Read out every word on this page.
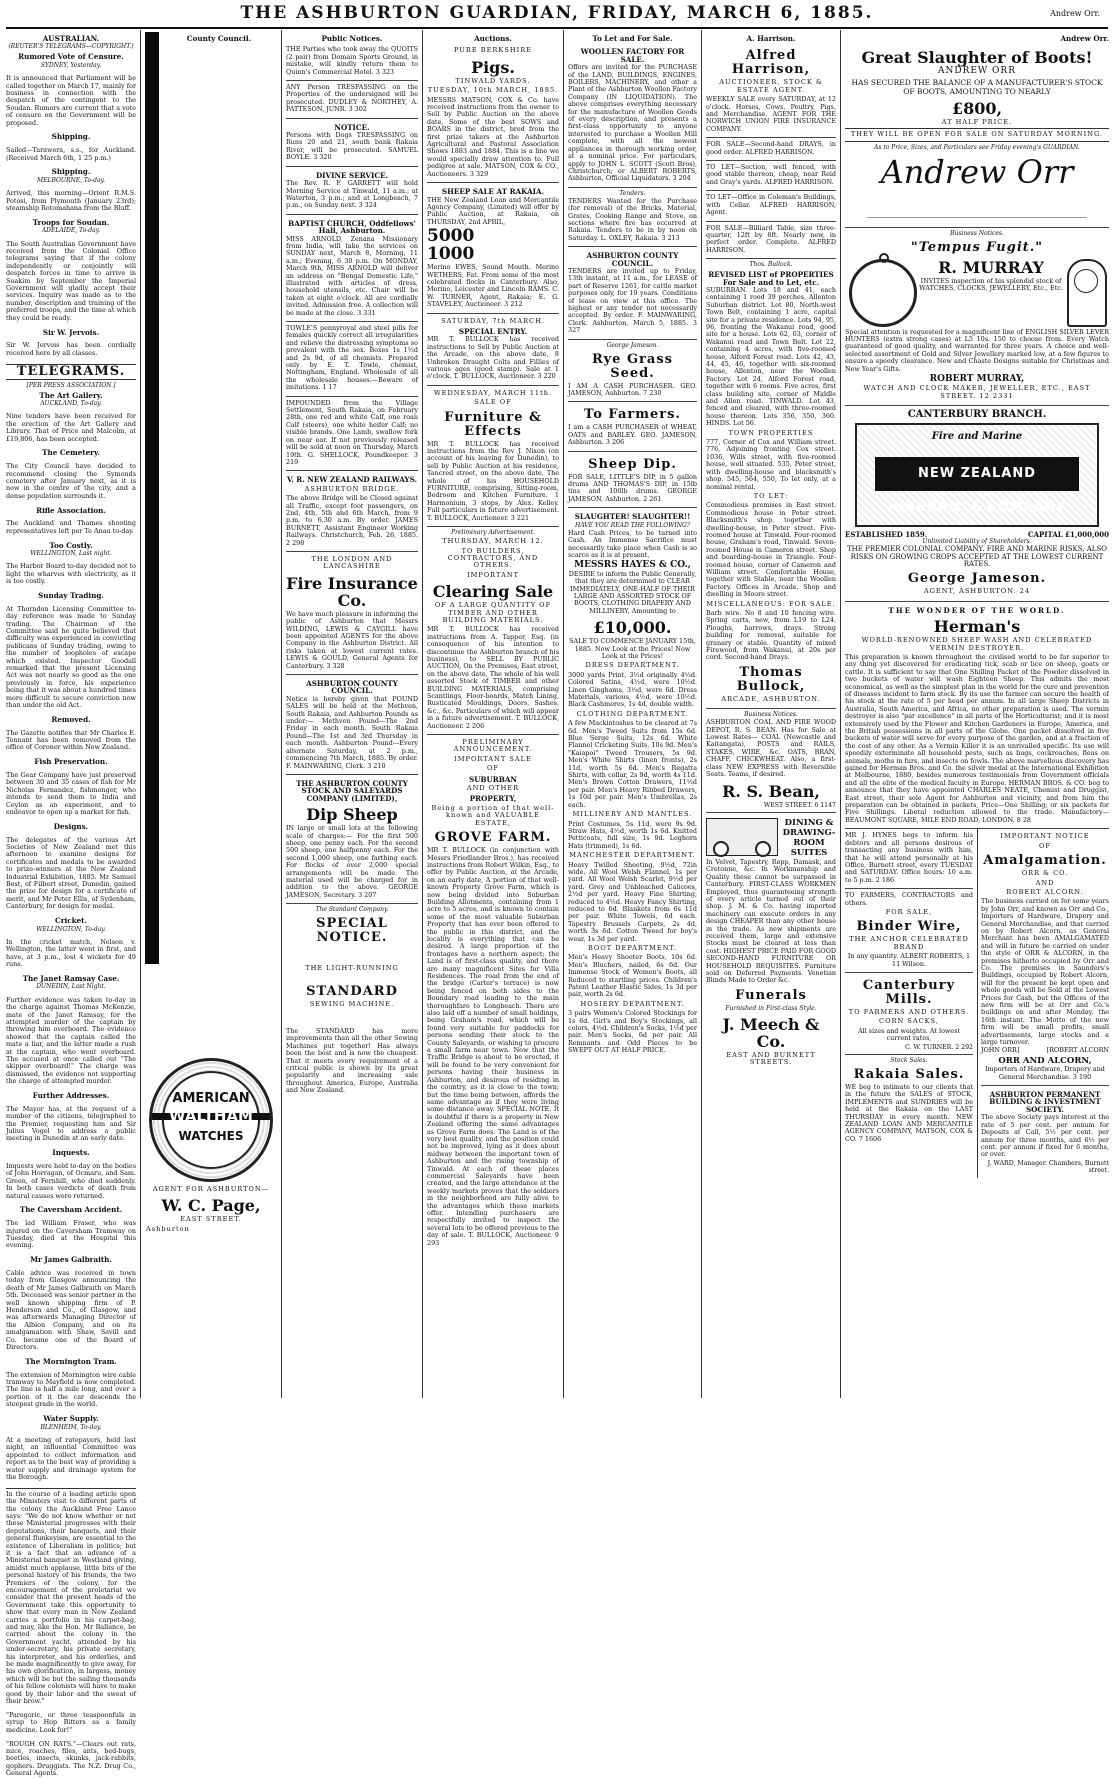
THE ASHBURTON GUARDIAN, FRIDAY, MARCH 6, 1885.	Andrew Orr.
AUSTRALIAN.
(REUTER'S TELEGRAMS—COPYRIGHT.)
Rumored Vote of Censure.
SYDNEY, Yesterday.

It is announced that Parliament will be called together on March 17, mainly for business in connection with the despatch of the contingent to the Soudan. Rumors are current that a vote of censure on the Government will be proposed.

Shipping.

Sailed—Tarawera, s.s., for Auckland. (Received March 6th, 1 25 p.m.)

Shipping.
MELBOURNE, To-day.

Arrived, this morning—Orient R.M.S. Potosi, from Plymouth (January 23rd); steamship Rotomahana from the Bluff.

Troops for Soudan.
ADELAIDE, To-day.

The South Australian Government have received from the Colonial Office telegrams saying that if the colony independently or conjointly will despatch forces in time to arrive in Suakim by September the Imperial Government will gladly accept their services. Inquiry was made as to the number, description and training of the preferred troops, and the time at which they could be ready.

Sir W. Jervois.

Sir W. Jervois has been cordially received here by all classes.

TELEGRAMS.
[PER PRESS ASSOCIATION.]
The Art Gallery.
AUCKLAND, To-day.

Nine tenders have been received for the erection of the Art Gallery and Library. That of Price and Malcolm, at £19,806, has been accepted.

The Cemetery.

The City Council have decided to recommend closing the Symonds cemetery after January next, as it is now in the centre of the city, and a dense population surrounds it.

Rifle Association.

The Auckland and Thames shooting representatives left per Te Anau to-day.

Too Costly.
WELLINGTON, Last night.

The Harbor Board to-day decided not to light the wharves with electricity, as it is too costly.

Sunday Trading.

At Thorndon Licensing Committee to-day reference was made to Sunday trading. The Chairman of the Committee said he quite believed that difficulty was experienced in convicting publicans of Sunday trading, owing to the number of loopholes of escape which existed. Inspector Goodall remarked that the present Licensing Act was not nearly so good as the one previously in force, his experience being that it was about a hundred times more difficult to secure conviction now than under the old Act.

Removed.

The Gazette notifies that Mr Charles E. Tennant has been removed from the office of Coroner within New Zealand.

Fish Preservation.

The Gear Company have just preserved between 30 and 35 cases of fish for Mr Nicholas Fernandez, fishmonger, who intends to send them to India and Ceylon as an experiment, and to endeavor to open up a market for fish.

Designs.

The delegates of the various Art Societies of New Zealand met this afternoon to examine designs for certificates and medals to be awarded to prize-winners at the New Zealand Industrial Exhibition, 1885. Mr Samuel Best, of Filbert street, Dunedin, gained the prize for design for a certificate of merit, and Mr Peter Ellis, of Sydenham, Canterbury, for design for medal.

Cricket.
WELLINGTON, To-day.

In the cricket match, Nelson v. Wellington, the latter went in first, and have, at 3 p.m., lost 4 wickets for 49 runs.

The Janet Ramsay Case.
DUNEDIN, Last Night.

Further evidence was taken to-day in the charge against Thomas McKenzie, mate of the Janet Ramsay, for the attempted murder of the captain by throwing him overboard. The evidence showed that the captain called the mate a liar, and the latter made a rush at the captain, who went overboard. The accused at once called out "The skipper overboard!" The charge was dismissed, the evidence not supporting the charge of attempted murder.

Further Addresses.

The Mayor has, at the request of a number of the citizens, telegraphed to the Premier, requesting him and Sir Julius Vogel to address a public meeting in Dunedin at an early date.

Inquests.

Inquests were held to-day on the bodies of John Horragan, of Ocmaru, and Sam. Green, of Fernhill, who died suddenly. In both cases verdicts of death from natural causes were returned.

The Caversham Accident.

The lad William Fraser, who was injured on the Caversham Tramway on Tuesday, died at the Hospital this evening.

Mr James Galbraith.

Cable advice was received in town today from Glasgow announcing the death of Mr James Galbraith on March 5th. Deceased was senior partner in the well known shipping firm of P. Henderson and Co., of Glasgow, and was afterwards Managing Director of the Albion Company, and on its amalgamation with Shaw, Savill and Co. became one of the Board of Directors.

The Mornington Tram.

The extension of Mornington wire cable tramway to Mayfield is now completed. The line is half a mile long, and over a portion of it the car descends the steepest grade in the world.

Water Supply.
BLENHEIM, To-day.

At a meeting of ratepayers, held last night, an influential Committee was appointed to collect information and report as to the best way of providing a water supply and drainage system for the Borough.

In the course of a leading article upon the Ministers visit to different parts of the colony the Auckland Free Lance says: "We do not know whether or not these Ministerial progresses with their deputations, their banquets, and their general flunkeyism, are essential to the existence of Liberalism in politics; but it is a fact that an advance of a Ministerial banquet in Westland giving, amidst much applause, little bits of the personal history of his friends, the two Premiers of the colony, for the encouragement of the proletariat we consider that the present heads of the Government take this opportunity to show that every man in New Zealand carries a portfolio in his carpet-bag, and may, like the Hon. Mr Ballance, be carried about the colony in the Government yacht, attended by his under-secretary, his private secretary, his interpreter, and his orderlies, and be made magnificently to give away, for his own glorification, in largess, money which will be but the sailing thousands of his fellow colonists will have to make good by their labor and the sweat of their brow."

"Paregoric, or three teaspoonfuls in syrup to Hop Bitters as a family medicine. Look for!"

"ROUGH ON RATS."—Clears out rats, mice, roaches, flies, ants, bed-bugs, beetles, insects, skunks, jack-rabbits, gophers. Druggists. The N.Z. Drug Co., General Agents.

County Council.
AMERICAN
WALTHAM
WATCHES
AGENT FOR ASHBURTON—
W. C. Page,
EAST STREET.
Ashburton
Public Notices.

THE Parties who took away the QUOITS (2 pair) from Domain Sports Ground, in mistake, will kindly return them to Quinn's Commercial Hotel. 3 323

ANY Person TRESPASSING on the Properties of the undersigned will be prosecuted. DUDLEY & NORTHEY, A. PATTESON, JUNR. 3 302

NOTICE.

Persons with Dogs TRESPASSING on Runs 20 and 21, south bank Rakaia River, will be prosecuted. SAMUEL BOYLE. 3 320

DIVINE SERVICE.

The Rev. R. F. GARRETT will hold Morning Service at Tinwald, 11 a.m.; at Waterton, 3 p.m.; and at Longbeach, 7 p.m., on Sunday next. 3 324

BAPTIST CHURCH, Oddfellows' Hall, Ashburton.

MISS ARNOLD, Zenana Missionary from India, will take the services on SUNDAY next, March 8, Morning, 11 a.m.; Evening, 6 30 p.m. On MONDAY, March 9th, MISS ARNOLD will deliver an address on "Bengal Domestic Life," illustrated with articles of dress, household utensils, etc. Chair will be taken at eight o'clock. All are cordially invited. Admission free. A collection will be made at the close. 3 331

TOWLE'S pennyroyal and steel pills for females quickly correct all irregularities and relieve the distressing symptoms so prevalent with the sex. Boxes 1s 1½d and 2s 9d, of all chemists. Prepared only by E. T. Towle, chemist, Nottingham, England. Wholesale of all the wholesale houses.—Beware of imitations. 1 17

IMPOUNDED from the Village Settlement, South Rakaia, on February 28th, one red and white Calf, one roan Calf (steers), one white heifer Calf; no visible brands. One Lamb, swallow fork on near ear. If not previously released will be sold at noon on Thursday, March 19th. G. SHELLOCK, Poundkeeper. 3 219

V. R. NEW ZEALAND RAILWAYS.
ASHBURTON BRIDGE.

The above Bridge will be Closed against all Traffic, except foot passengers, on 2nd, 4th, 5th and 6th March, from 9 p.m. to 6.30 a.m. By order. JAMES BURNETT, Assistant Engineer Working Railways. Christchurch, Feb. 26, 1885. 2 298

THE LONDON AND LANCASHIRE
Fire Insurance Co.

We have much pleasure in informing the public of Ashburton that Messrs WILDING, LEWIS & CAYGILL have been appointed AGENTS for the above Company in the Ashburton District. All risks taken at lowest current rates. LEWIS & GOULD, General Agents for Canterbury. 3 328

ASHBURTON COUNTY COUNCIL.

Notice is hereby given that POUND SALES will be held at the Methven, South Rakaia, and Ashburton Pounds as under:— Methven Pound—The 2nd Friday in each month. South Rakaia Pound—The 1st and 3rd Thursday in each month. Ashburton Pound—Every alternate Saturday, at 2 p.m., commencing 7th March, 1885. By order. F. MAINWARING, Clerk. 3 210

THE ASHBURTON COUNTY STOCK AND SALEYARDS COMPANY (LIMITED),
Dip Sheep

IN large or small lots at the following scale of charges:— For the first 500 sheep, one penny each. For the second 500 sheep, one halfpenny each. For the second 1,000 sheep, one farthing each. For flocks of over 2,000 special arrangements will be made. The material used will be charged for in addition to the above. GEORGE JAMESON, Secretary. 3 207

The Standard Company.
SPECIAL NOTICE.
THE LIGHT-RUNNING
STANDARD
SEWING MACHINE.

The STANDARD has more improvements than all the other Sewing Machines put together! Has always been the best and is now the cheapest. That it meets every requirement of a critical public is shown by its great popularity and increasing sale throughout America, Europe, Australia and New Zealand.

Auctions.
PURE BERKSHIRE
Pigs.
TINWALD YARDS.
TUESDAY, 10th MARCH, 1885.

MESSRS MATSON, COX & Co. have received instructions from the owner to Sell by Public Auction on the above date, Some of the best SOWS and BOARS in the district, bred from the first prize takers at the Ashburton Agricultural and Pastoral Association Shows 1883 and 1884. This is a line we would specially draw attention to. Full pedigree at sale. MATSON, COX & CO., Auctioneers. 3 329

SHEEP SALE AT RAKAIA.

THE New Zealand Loan and Mercantile Agency Company, (Limited) will offer by Public Auction, at Rakaia, on THURSDAY, 2nd APRIL,

5000
1000

Merino EWES, Sound Mouth. Merino WETHERS, Fat. From some of the most celebrated flocks in Canterbury. Also, Merino, Leicester and Lincoln RAMS. C. W. TURNER, Agent, Rakaia; E. G. STAVELEY, Auctioneer. 3 212

SATURDAY, 7th MARCH.
SPECIAL ENTRY.

MR T. BULLOCK has received instructions to Sell by Public Auction at the Arcade, on the above date, 8 Unbroken Draught Colts and Fillies of various ages (good stamp). Sale at 1 o'clock. T. BULLOCK, Auctioneer. 3 220

WEDNESDAY, MARCH 11th.
SALE OF
Furniture & Effects

MR T. BULLOCK has received instructions from the Rev J. Nixon (on account of his leaving for Dunedin), to sell by Public Auction at his residence, Tancred street, on the above date, The whole of his HOUSEHOLD FURNITURE, comprising, Sitting-room, Bedroom and Kitchen Furniture. 1 Harmonium, 3 stops, by Alex. Kelley. Full particulars in future advertisement. T. BULLOCK, Auctioneer. 3 221

Preliminary Advertisement.
THURSDAY, MARCH 12.
TO BUILDERS, CONTRACTORS, AND OTHERS.
IMPORTANT
Clearing Sale
OF A LARGE QUANTITY OF TIMBER AND OTHER BUILDING MATERIALS.

MR T. BULLOCK has received instructions from A. Tapper, Esq. (in consequence of his intention to discontinue the Ashburton branch of his business), to SELL BY PUBLIC AUCTION, On the Premises, East street, on the above date, The whole of his well assorted Stock of TIMBER and other BUILDING MATERIALS, comprising Scantlings, Floor-boards, Match Lining, Rusticated Mouldings, Doors, Sashes, &c., &c. Particulars of which will appear in a future advertisement. T. BULLOCK, Auctioneer. 2 206

PRELIMINARY ANNOUNCEMENT.
IMPORTANT SALE
OF
SUBURBAN
AND OTHER
PROPERTY,
Being a portion of that well-known and VALUABLE ESTATE,
GROVE FARM.

MR T. BULLOCK (in conjunction with Messrs Friedlander Bros.), has received instructions from Robert Wilkin, Esq., to offer by Public Auction, at the Arcade, on an early date, A portion of that well-known Property Grove Farm, which is now being divided into Suburban Building Allotments, containing from 1 acre to 5 acres, and is known to contain some of the most valuable Suburban Property that has ever been offered to the public in this district, and the locality is everything that can be desired. A large proportion of the frontages have a northern aspect; the Land is of first-class quality, and there are many magnificent Sites for Villa Residences. The road from the end of the bridge (Carter's terrace) is now being fenced on both sides to the Boundary road leading to the main thoroughfare to Longbeach. There are also laid off a number of small holdings, being Graham's road, which will be found very suitable for paddocks for persons sending their stock to the County Saleyards, or wishing to procure a small farm near town. Now that the Traffic Bridge is about to be erected, it will be found to be very convenient for persons having their business in Ashburton, and desirous of residing in the country, as it is close to the town; but the time being between, affords the same advantage as if they were living some distance away. SPECIAL NOTE. It is doubtful if there is a property in New Zealand offering the same advantages as Grove Farm does. The Land is of the very best quality, and the position could not be improved, lying as it does about midway between the important town of Ashburton and the rising township of Tinwald. At each of these places commercial Saleyards have been created, and the large attendance at the weekly markets proves that the soldiers in the neighborhood are fully alive to the advantages which these markets offer. Intending purchasers are respectfully invited to inspect the several lots to be offered previous to the day of sale. T. BULLOCK, Auctioneer. 9 293

To Let and For Sale.
WOOLLEN FACTORY FOR SALE.

Offers are invited for the PURCHASE of the LAND, BUILDINGS, ENGINES, BOILERS, MACHINERY, and other a Plant of the Ashburton Woollen Factory Company (IN LIQUIDATION). The above comprises everything necessary for the manufacture of Woollen Goods of every description, and presents a first-class opportunity to anyone interested to purchase a Woollen Mill complete, with all the newest appliances in thorough working order, at a nominal price. For particulars, apply to JOHN L. SCOTT (Scott Bros), Christchurch; or ALBERT ROBERTS, Ashburton, Official Liquidators. 3 204

Tenders.

TENDERS Wanted for the Purchase (for removal) of the Bricks, Material, Grates, Cooking Range and Stove, on sections where fire has occurred at Rakaia. Tenders to be in by noon on Saturday. L. OXLEY, Rakaia. 3 213

ASHBURTON COUNTY COUNCIL.

TENDERS are invited up to Friday, 13th instant, at 11 a.m., for LEASE of part of Reserve 1261, for cattle market purposes only, for 19 years. Conditions of lease on view at this office. The highest or any tender not necessarily accepted. By order. F. MAINWARING, Clerk. Ashburton, March 5, 1885. 3 327

George Jameson.
Rye Grass Seed.

I AM A CASH PURCHASER. GEO. JAMESON, Ashburton. 7 230

To Farmers.

I am a CASH PURCHASER of WHEAT, OATS and BARLEY. GEO. JAMESON, Ashburton. 3 206

Sheep Dip.

FOR SALE, LITTLE'S DIP, in 5 gallon drums AND THOMAS'S DIP, in 15lb tins and 100lb drums. GEORGE JAMESON, Ashburton. 2 261

SLAUGHTER! SLAUGHTER!!
HAVE YOU READ THE FOLLOWING?

Hard Cash Prices, to be turned into Cash. An Immense Sacrifice must necessarily take place when Cash is so scarce as it is at present,

MESSRS HAYES & CO.,

DESIRE to inform the Public Generally, that they are determined to CLEAR IMMEDIATELY, ONE-HALF OF THEIR LARGE AND ASSORTED STOCK OF BOOTS, CLOTHING DRAPERY AND MILLINERY, Amounting to

£10,000.

SALE TO COMMENCE JANUARY 15th, 1885. Now Look at the Prices! Now Look at the Prices!

DRESS DEPARTMENT.

3000 yards Print, 3½d originally 4½d. Colored Satins, 4½d, were 10½d. Linen Ginghams, 3½d, were 6d. Dress Materials, various, 4½d, were 10½d. Black Cashmeres, 1s 4d, double width.

CLOTHING DEPARTMENT.

A few Mackintoshes to be cleared at 7s 6d. Men's Tweed Suits from 15s 6d. Blue Serge Suits, 12s 6d. White Flannel Cricketing Suits, 10s 9d. Men's "Kaiapoi" Tweed Trousers, 5s 9d. Men's White Shirts (linen fronts), 2s 11d, worth 5s 6d. Men's Regatta Shirts, with collar, 2s 9d, worth 4s 11d. Men's Brown Cotton Drawers, 11½d per pair. Men's Heavy Ribbed Drawers, 1s 10d per pair. Men's Umbrellas, 2s each.

MILLINERY AND MANTLES.

Print Costumes, 5s 11d, were 9s 9d. Straw Hats, 4½d, worth 1s 6d. Knitted Petticoats, full size, 1s 9d. Leghorn Hats (trimmed), 1s 6d.

MANCHESTER DEPARTMENT.

Heavy Twilled Sheeting, 9½d, 72in wide. All Wool Welsh Flannel, 1s per yard. All Wool Welsh Scarlet, 9½d per yard. Grey and Unbleached Calicoes, 2½d per yard. Heavy Fine Shirting, reduced to 4½d. Heavy Fancy Shirting, reduced to 6d. Blankets from 6s 11d per pair. White Towels, 6d each. Tapestry Brussels Carpets, 2s 4d, worth 3s 6d. Cotton Tweed for boy's wear, 1s 3d per yard.

BOOT DEPARTMENT.

Men's Heavy Shooter Boots, 10s 6d. Men's Bluchers, nailed, 6s 6d. Our Immense Stock of Women's Boots, all Reduced to startling prices. Children's Patent Leather Elastic Sides, 1s 3d per pair, worth 2s 6d.

HOSIERY DEPARTMENT.

3 pairs Women's Colored Stockings for 1s 6d. Girl's and Boy's Stockings, all colors, 4½d. Children's Socks, 1½d per pair. Men's Socks, 6d per pair. All Remnants and Odd Pieces to be SWEPT OUT AT HALF PRICE.

A. Harrison.
Alfred Harrison,
AUCTIONEER, STOCK & ESTATE AGENT.

WEEKLY SALE every SATURDAY, at 12 o'clock. Horses, Cows, Poultry, Pigs, and Merchandise. AGENT FOR THE NORWICH UNION FIRE INSURANCE COMPANY.

FOR SALE—Second-hand DRAYS, in good order. ALFRED HARRISON.

TO LET—Section, well fenced, with good stable thereon, cheap, near Reid and Gray's yards. ALFRED HARRISON.

TO LET—Office in Coleman's Buildings, with Cellar. ALFRED HARRISON, Agent.

FOR SALE—Billiard Table, size three-quarter, 12ft by 6ft. Nearly new, in perfect order. Complete. ALFRED HARRISON.

Thos. Bullock.
REVISED LIST of PROPERTIES For Sale and to Let, etc.

SUBURBAN. Lots 18 and 41, each containing 1 rood 39 perches, Allenton Suburban district. Lot 80, North-west Town Belt, containing 1 acre, capital site for a private residence. Lots 94, 95, 96, fronting the Wakanui road, good site for a house. Lots 62, 63, corner of Wakanui road and Town Belt. Lot 22, containing 4 acres, with five-roomed house, Alford Forest road. Lots 42, 43, 44, 45, 46, together with six-roomed house, Allenton, near the Woollen Factory. Lot 24, Alford Forest road, together with 6 rooms. Five acres, first class building site, corner of Middle and Allen road. TINWALD. Lot 43, fenced and cleared, with three-roomed house thereon. Lots 356, 350, 360. HINDS. Lot 56.

TOWN PROPERTIES

777, Corner of Cox and William street. 776, Adjoining fronting Cox street. 1036, Wills street, with five-roomed house, well situated. 535, Peter street, with dwelling-house and blacksmith's shop. 545, 564, 550, To let only, at a nominal rental.

TO LET:

Commodious premises in East street. Commodious house in Peter street. Blacksmith's shop, together with dwelling-house, in Peter street. Five-roomed house at Tinwald. Four-roomed house, Graham's road, Tinwald. Seven-roomed House in Cameron street. Shop and boarding-house in Triangle. Four-roomed house, corner of Cameron and William street. Comfortable House, together with Stable, near the Woollen Factory. Offices in Arcade. Shop and dwelling in Moore street.

MISCELLANEOUS: FOR SALE.

Barb wire. No 8 and 10 fencing wire. Spring carts, new, from L19 to L24. Ploughs, harrows, drays. Strong building for removal, suitable for granary or stable. Quantity of mixed Firewood, from Wakanui, at 20s per cord. Second-hand Drays.

Thomas Bullock,
ARCADE, ASHBURTON.
Business Notices.

ASHBURTON COAL AND FIRE WOOD DEPOT, R. S. BEAN. Has for Sale at Lowest Rates— COAL (Newcastle and Kaitangata), POSTS and RAILS, STAKES, WIRE, &c. OATS, BRAN, CHAFF, CHICKWHEAT. Also, a first-class NEW EXPRESS with Reversible Seats. Teams, if desired.

R. S. Bean,
WEST STREET. 6 1147
DINING & DRAWING-ROOM SUITES

In Velvet, Tapestry, Repp, Damask, and Cretonne, &c. In Workmanship and Quality these cannot be surpassed in Canterbury. FIRST-CLASS WORKMEN Employed, thus guaranteeing strength of every article turned out of their shop. J. M. & Co. having imported machinery can execute orders in any design CHEAPER than any other house in the trade. As new shipments are received them, large and extensive Stocks must be cleared at less than cost. HIGHEST PRICE PAID FOR GOOD SECOND-HAND FURNITURE OR HOUSEHOLD REQUISITES. Furniture sold on Deferred Payments. Venetian Blinds Made to Order &c.

Funerals
Furnished in First-class Style.
J. Meech & Co.
EAST AND BURNETT STREETS.
Andrew Orr.
Great Slaughter of Boots!
ANDREW ORR

HAS SECURED THE BALANCE OF A MANUFACTURER'S STOCK OF BOOTS, AMOUNTING TO NEARLY

£800,
AT HALF PRICE.
THEY WILL BE OPEN FOR SALE ON SATURDAY MORNING.
As to Price, Sizes, and Particulars see Friday evening's GUARDIAN.
Andrew Orr
Business Notices.
"Tempus Fugit."
R. MURRAY

INVITES inspection of his splendid stock of WATCHES, CLOCKS, JEWELLERY, Etc., Etc.

Special attention is requested for a magnificent line of ENGLISH SILVER LEVER HUNTERS (extra strong cases) at L5 10s. 150 to choose from. Every Watch guaranteed of good quality, and warranted for three years. A choice and well-selected assortment of Gold and Silver Jewellery marked low, at a few figures to ensure a speedy clearance. New and Chaste Designs suitable for Christmas and New Year's Gifts.

ROBERT MURRAY,
WATCH AND CLOCK MAKER, JEWELLER, ETC., EAST STREET. 12 2331
CANTERBURY BRANCH.
Fire and Marine
NEW ZEALAND INSURANCE COMPANY
ESTABLISHED 1859.	CAPITAL £1,000,000
Unlimited Liability of Shareholders.

THE PREMIER COLONIAL COMPANY. FIRE AND MARINE RISKS, ALSO RISKS ON GROWING CROPS ACCEPTED AT THE LOWEST CURRENT RATES.

George Jameson.
AGENT, ASHBURTON. 24
THE WONDER OF THE WORLD.
Herman's
WORLD-RENOWNED SHEEP WASH AND CELEBRATED VERMIN DESTROYER.

This preparation is known throughout the civilised world to be far superior to any thing yet discovered for eradicating tick, scab or lice on sheep, goats or cattle. It is sufficient to say that One Shilling Packet of the Powder dissolved in two buckets of water will wash Eighteen Sheep. This admits the most economical, as well as the simplest plan in the world for the cure and prevention of diseases incident to farm stock. By its use the farmer can secure the health of his stock at the rate of 5 per head per annum. In all large Sheep Districts in Australia, South America, and Africa, no other preparation is used. The vermin destroyer is also "par excellence" in all parts of the Horticulturist; and it is most extensively used by the Flower and Kitchen Gardeners in Europe, America, and the British possessions in all parts of the Globe. One packet dissolved in five buckets of water will serve for every purpose of the garden, and at a fraction of the cost of any other. As a Vermin Killer it is an unrivalled specific. Its use will speedily exterminate all household pests, such as bugs, cockroaches, fleas on animals, moths in furs, and insects on fowls. The above marvellous discovery has gained for Herman Bros. and Co. the silver medal at the International Exhibition at Melbourne, 1880, besides numerous testimonials from Government officials and all the elite of the medical faculty in Europe. HERMAN BROS. & CO. beg to announce that they have appointed CHARLES NEATE, Chemist and Druggist, East street, their sole Agent for Ashburton and vicinity, and from him the preparation can be obtained in packets, Price—One Shilling; or six packets for Five Shillings. Liberal reduction allowed to the trade. Manufactory—BEAUMONT SQUARE, MILE END ROAD, LONDON. 8 28

MR J. HYNES begs to inform his debtors and all persons desirous of transacting any business with him, that he will attend personally at his Office, Burnett street, every TUESDAY and SATURDAY. Office hours: 10 a.m. to 5 p.m. 2 186

TO FARMERS, CONTRACTORS and others.

FOR SALE,
Binder Wire,
THE ANCHOR CELEBRATED BRAND

In any quantity. ALBERT ROBERTS, 1 11 Wilson.

Canterbury Mills.
TO FARMERS AND OTHERS.
CORN SACKS,

All sizes and weights. At lowest current rates,

C. W. TURNER. 2 292
Stock Sales.
Rakaia Sales.

WE beg to intimate to our clients that in the future the SALES of STOCK, IMPLEMENTS and SUNDRIES will be held at the Rakaia on the LAST THURSDAY in every month. NEW ZEALAND LOAN AND MERCANTILE AGENCY COMPANY, MATSON, COX & CO. 7 1606

IMPORTANT NOTICE
OF
Amalgamation.
ORR & CO.
AND
ROBERT ALCORN.

The business carried on for some years by John Orr, and known as Orr and Co., Importers of Hardware, Drapery and General Merchandise, and that carried on by Robert Alcorn, as General Merchant has been AMALGAMATED and will in future be carried on under the style of ORR & ALCORN, in the premises hitherto occupied by Orr and Co. The premises in Saunders's Buildings, occupied by Robert Alcorn, will for the present be kept open and whole goods will be Sold at the Lowest Prices for Cash, but the Offices of the new firm will be at Orr and Co.'s buildings on and after Monday, the 16th instant. The Motto of the new firm will be small profits, small advertisements, large stocks and a large turnover.

JOHN ORR]	[ROBERT ALCORN
ORR AND ALCORN,

Importers of Hardware, Drapery and General Merchandise. 3 190

ASHBURTON PERMANENT BUILDING & INVESTMENT SOCIETY.

The above Society pays interest at the rate of 5 per cent. per annum for Deposits at Call, 5½ per cent. per annum for three months, and 6½ per cent. per annum if fixed for 6 months, or over.

J. WARD, Manager. Chambers, Burnett street.
